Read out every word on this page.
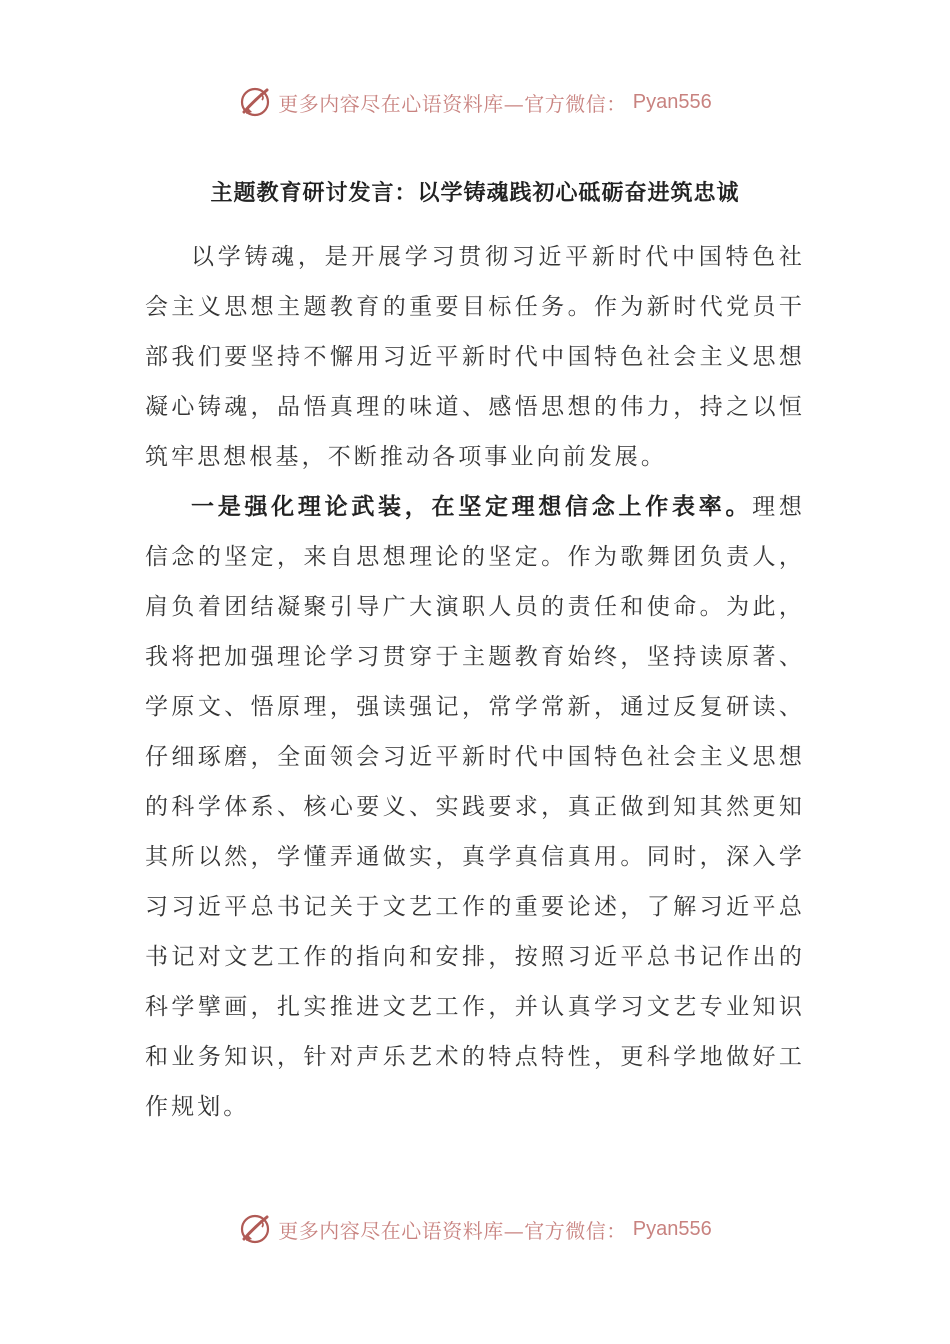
更多内容尽在心语资料库—官方微信： Pyan556
主题教育研讨发言：以学铸魂践初心砥砺奋进筑忠诚

以学铸魂，是开展学习贯彻习近平新时代中国特色社会主义思想主题教育的重要目标任务。作为新时代党员干部我们要坚持不懈用习近平新时代中国特色社会主义思想凝心铸魂，品悟真理的味道、感悟思想的伟力，持之以恒筑牢思想根基，不断推动各项事业向前发展。

一是强化理论武装，在坚定理想信念上作表率。理想信念的坚定，来自思想理论的坚定。作为歌舞团负责人，肩负着团结凝聚引导广大演职人员的责任和使命。为此，我将把加强理论学习贯穿于主题教育始终，坚持读原著、学原文、悟原理，强读强记，常学常新，通过反复研读、仔细琢磨，全面领会习近平新时代中国特色社会主义思想的科学体系、核心要义、实践要求，真正做到知其然更知其所以然，学懂弄通做实，真学真信真用。同时，深入学习习近平总书记关于文艺工作的重要论述，了解习近平总书记对文艺工作的指向和安排，按照习近平总书记作出的科学擘画，扎实推进文艺工作，并认真学习文艺专业知识和业务知识，针对声乐艺术的特点特性，更科学地做好工作规划。

更多内容尽在心语资料库—官方微信： Pyan556
